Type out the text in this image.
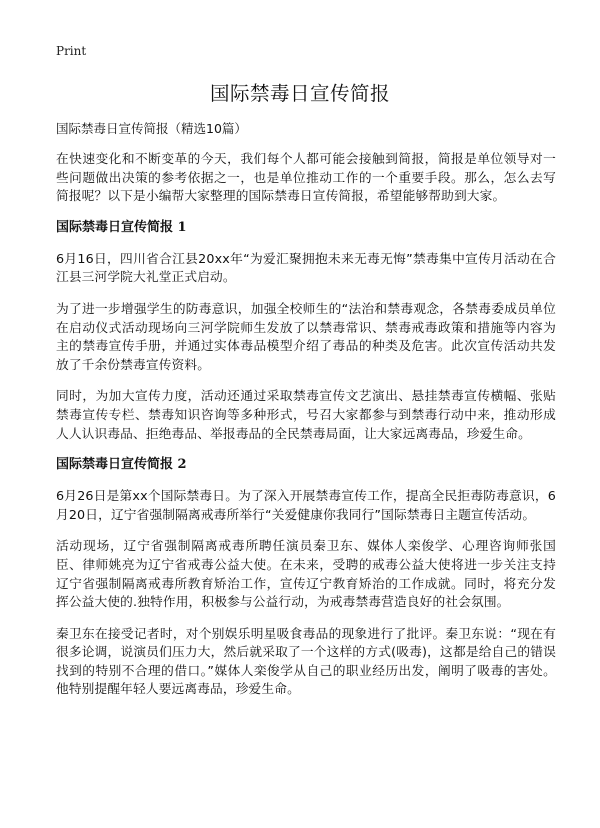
Print
国际禁毒日宣传简报
国际禁毒日宣传简报（精选10篇）

在快速变化和不断变革的今天，我们每个人都可能会接触到简报，简报是单位领导对一些问题做出决策的参考依据之一，也是单位推动工作的一个重要手段。那么，怎么去写简报呢？以下是小编帮大家整理的国际禁毒日宣传简报，希望能够帮助到大家。

国际禁毒日宣传简报 1

6月16日，四川省合江县20xx年“为爱汇聚拥抱未来无毒无悔”禁毒集中宣传月活动在合江县三河学院大礼堂正式启动。

为了进一步增强学生的防毒意识，加强全校师生的“法治和禁毒观念，各禁毒委成员单位在启动仪式活动现场向三河学院师生发放了以禁毒常识、禁毒戒毒政策和措施等内容为主的禁毒宣传手册，并通过实体毒品模型介绍了毒品的种类及危害。此次宣传活动共发放了千余份禁毒宣传资料。

同时，为加大宣传力度，活动还通过采取禁毒宣传文艺演出、悬挂禁毒宣传横幅、张贴禁毒宣传专栏、禁毒知识咨询等多种形式，号召大家都参与到禁毒行动中来，推动形成人人认识毒品、拒绝毒品、举报毒品的全民禁毒局面，让大家远离毒品，珍爱生命。

国际禁毒日宣传简报 2

6月26日是第xx个国际禁毒日。为了深入开展禁毒宣传工作，提高全民拒毒防毒意识，6月20日，辽宁省强制隔离戒毒所举行“关爱健康你我同行”国际禁毒日主题宣传活动。

活动现场，辽宁省强制隔离戒毒所聘任演员秦卫东、媒体人栾俊学、心理咨询师张国臣、律师姚亮为辽宁省戒毒公益大使。在未来，受聘的戒毒公益大使将进一步关注支持辽宁省强制隔离戒毒所教育矫治工作，宣传辽宁教育矫治的工作成就。同时，将充分发挥公益大使的.独特作用，积极参与公益行动，为戒毒禁毒营造良好的社会氛围。

秦卫东在接受记者时，对个别娱乐明星吸食毒品的现象进行了批评。秦卫东说：“现在有很多论调，说演员们压力大，然后就采取了一个这样的方式(吸毒)，这都是给自己的错误找到的特别不合理的借口。”媒体人栾俊学从自己的职业经历出发，阐明了吸毒的害处。他特别提醒年轻人要远离毒品，珍爱生命。
